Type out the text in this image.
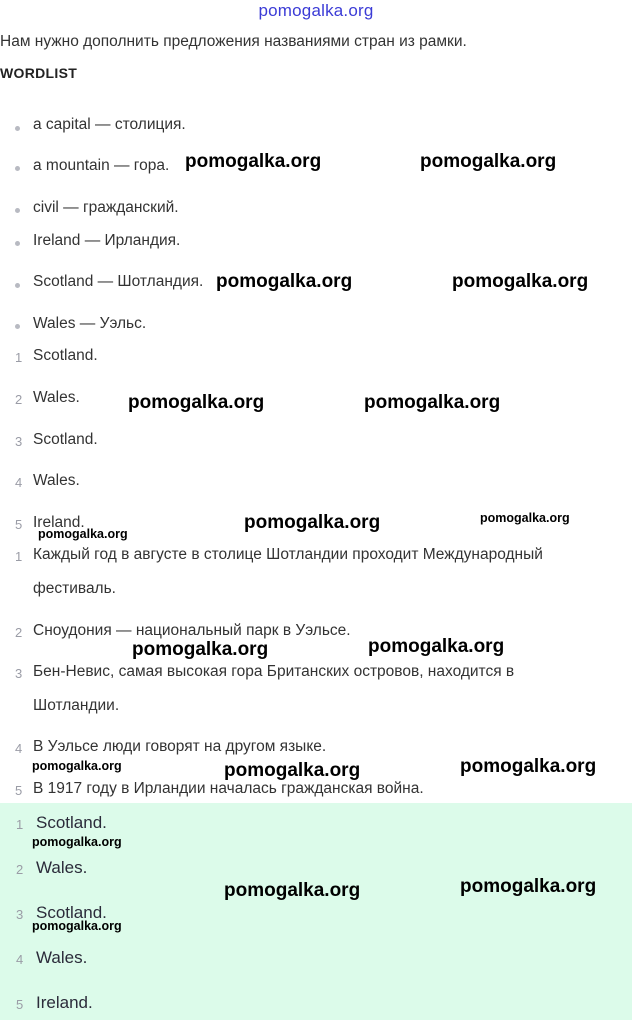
pomogalka.org
Нам нужно дополнить предложения названиями стран из рамки.
WORDLIST
a capital — столиция.
a mountain — гора.
civil — гражданский.
Ireland — Ирландия.
Scotland — Шотландия.
Wales — Уэльс.
1 Scotland.
2 Wales.
3 Scotland.
4 Wales.
5 Ireland.
1 Каждый год в августе в столице Шотландии проходит Международный
фестиваль.
2 Сноудония — национальный парк в Уэльсе.
3 Бен-Невис, самая высокая гора Британских островов, находится в
Шотландии.
4 В Уэльсе люди говорят на другом языке.
5 В 1917 году в Ирландии началась гражданская война.
1 Scotland.
2 Wales.
3 Scotland.
4 Wales.
5 Ireland.
pomogalka.org	pomogalka.org
pomogalka.org	pomogalka.org
pomogalka.org	pomogalka.org
pomogalka.org	pomogalka.org
pomogalka.org
pomogalka.org	pomogalka.org
pomogalka.org	pomogalka.org	pomogalka.org
pomogalka.org
pomogalka.org	pomogalka.org
pomogalka.org
